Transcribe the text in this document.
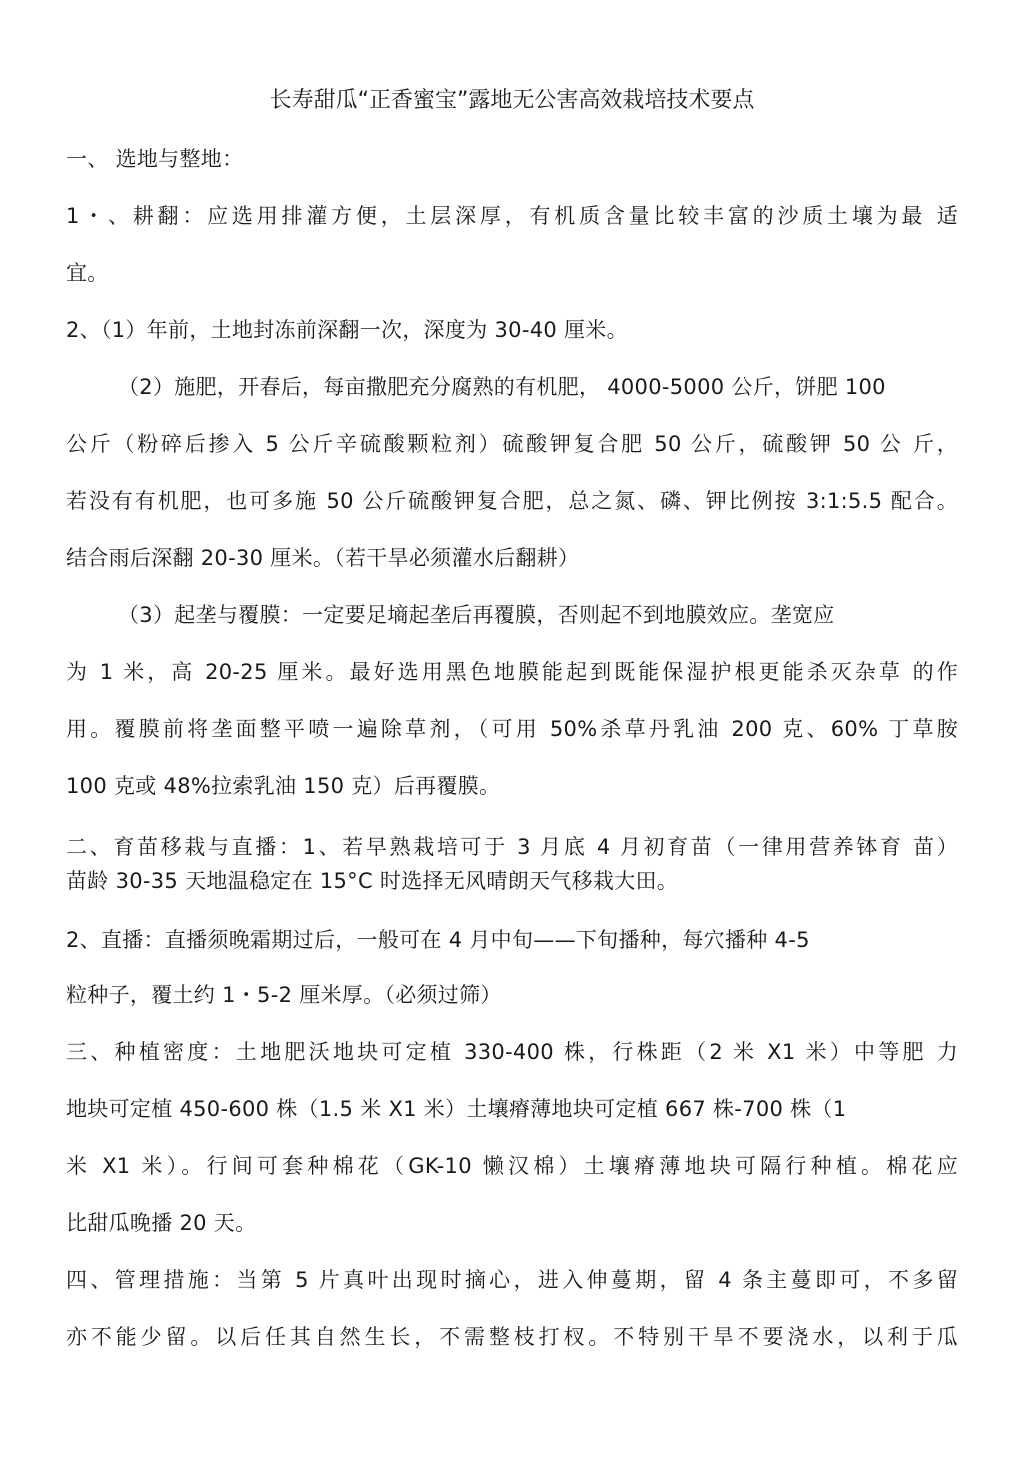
长寿甜瓜“正香蜜宝”露地无公害高效栽培技术要点
一、 选地与整地：
1・、耕翻：应选用排灌方便，土层深厚，有机质含量比较丰富的沙质土壤为最 适
宜。
2、（1）年前，土地封冻前深翻一次，深度为 30-40 厘米。
（2）施肥，开春后，每亩撒肥充分腐熟的有机肥， 4000-5000 公斤，饼肥 100
公斤（粉碎后掺入 5 公斤辛硫酸颗粒剂）硫酸钾复合肥 50 公斤，硫酸钾 50 公 斤，
若没有有机肥，也可多施 50 公斤硫酸钾复合肥，总之氮、磷、钾比例按 3:1:5.5 配合。
结合雨后深翻 20-30 厘米。（若干旱必须灌水后翻耕）
（3）起垄与覆膜：一定要足墒起垄后再覆膜，否则起不到地膜效应。垄宽应
为 1 米，高 20-25 厘米。最好选用黑色地膜能起到既能保湿护根更能杀灭杂草 的作
用。覆膜前将垄面整平喷一遍除草剂，（可用 50%杀草丹乳油 200 克、60% 丁草胺
100 克或 48%拉索乳油 150 克）后再覆膜。
二、育苗移栽与直播：1、若早熟栽培可于 3 月底 4 月初育苗（一律用营养钵育 苗）
苗龄 30-35 天地温稳定在 15°C 时选择无风晴朗天气移栽大田。
2、直播：直播须晚霜期过后，一般可在 4 月中旬——下旬播种，每穴播种 4-5
粒种子，覆土约 1・5-2 厘米厚。（必须过筛）
三、种植密度：土地肥沃地块可定植 330-400 株，行株距（2 米 X1 米）中等肥 力
地块可定植 450-600 株（1.5 米 X1 米）土壤瘠薄地块可定植 667 株-700 株（1
米 X1 米）。行间可套种棉花（GK-10 懒汉棉）土壤瘠薄地块可隔行种植。棉花应
比甜瓜晚播 20 天。
四、管理措施：当第 5 片真叶出现时摘心，进入伸蔓期，留 4 条主蔓即可，不多留
亦不能少留。以后任其自然生长，不需整枝打杈。不特别干旱不要浇水，以利于瓜
